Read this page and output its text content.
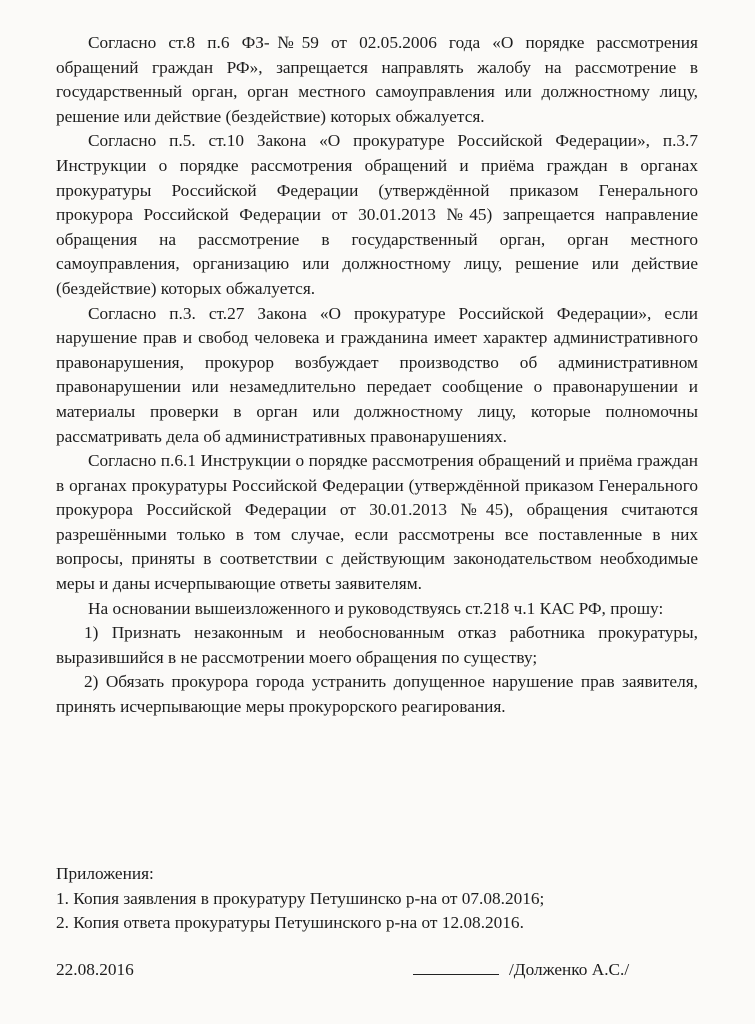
Согласно ст.8 п.6 ФЗ-№59 от 02.05.2006 года «О порядке рассмотрения обращений граждан РФ», запрещается направлять жалобу на рассмотрение в государственный орган, орган местного самоуправления или должностному лицу, решение или действие (бездействие) которых обжалуется.

Согласно п.5. ст.10 Закона «О прокуратуре Российской Федерации», п.3.7 Инструкции о порядке рассмотрения обращений и приёма граждан в органах прокуратуры Российской Федерации (утверждённой приказом Генерального прокурора Российской Федерации от 30.01.2013 №45) запрещается направление обращения на рассмотрение в государственный орган, орган местного самоуправления, организацию или должностному лицу, решение или действие (бездействие) которых обжалуется.

Согласно п.3. ст.27 Закона «О прокуратуре Российской Федерации», если нарушение прав и свобод человека и гражданина имеет характер административного правонарушения, прокурор возбуждает производство об административном правонарушении или незамедлительно передает сообщение о правонарушении и материалы проверки в орган или должностному лицу, которые полномочны рассматривать дела об административных правонарушениях.

Согласно п.6.1 Инструкции о порядке рассмотрения обращений и приёма граждан в органах прокуратуры Российской Федерации (утверждённой приказом Генерального прокурора Российской Федерации от 30.01.2013 №45), обращения считаются разрешёнными только в том случае, если рассмотрены все поставленные в них вопросы, приняты в соответствии с действующим законодательством необходимые меры и даны исчерпывающие ответы заявителям.

На основании вышеизложенного и руководствуясь ст.218 ч.1 КАС РФ, прошу:

1) Признать незаконным и необоснованным отказ работника прокуратуры, выразившийся в не рассмотрении моего обращения по существу;

2) Обязать прокурора города устранить допущенное нарушение прав заявителя, принять исчерпывающие меры прокурорского реагирования.

Приложения:
1. Копия заявления в прокуратуру Петушинско р-на от 07.08.2016;
2. Копия ответа прокуратуры Петушинского р-на от 12.08.2016.
22.08.2016	/Долженко А.С./
